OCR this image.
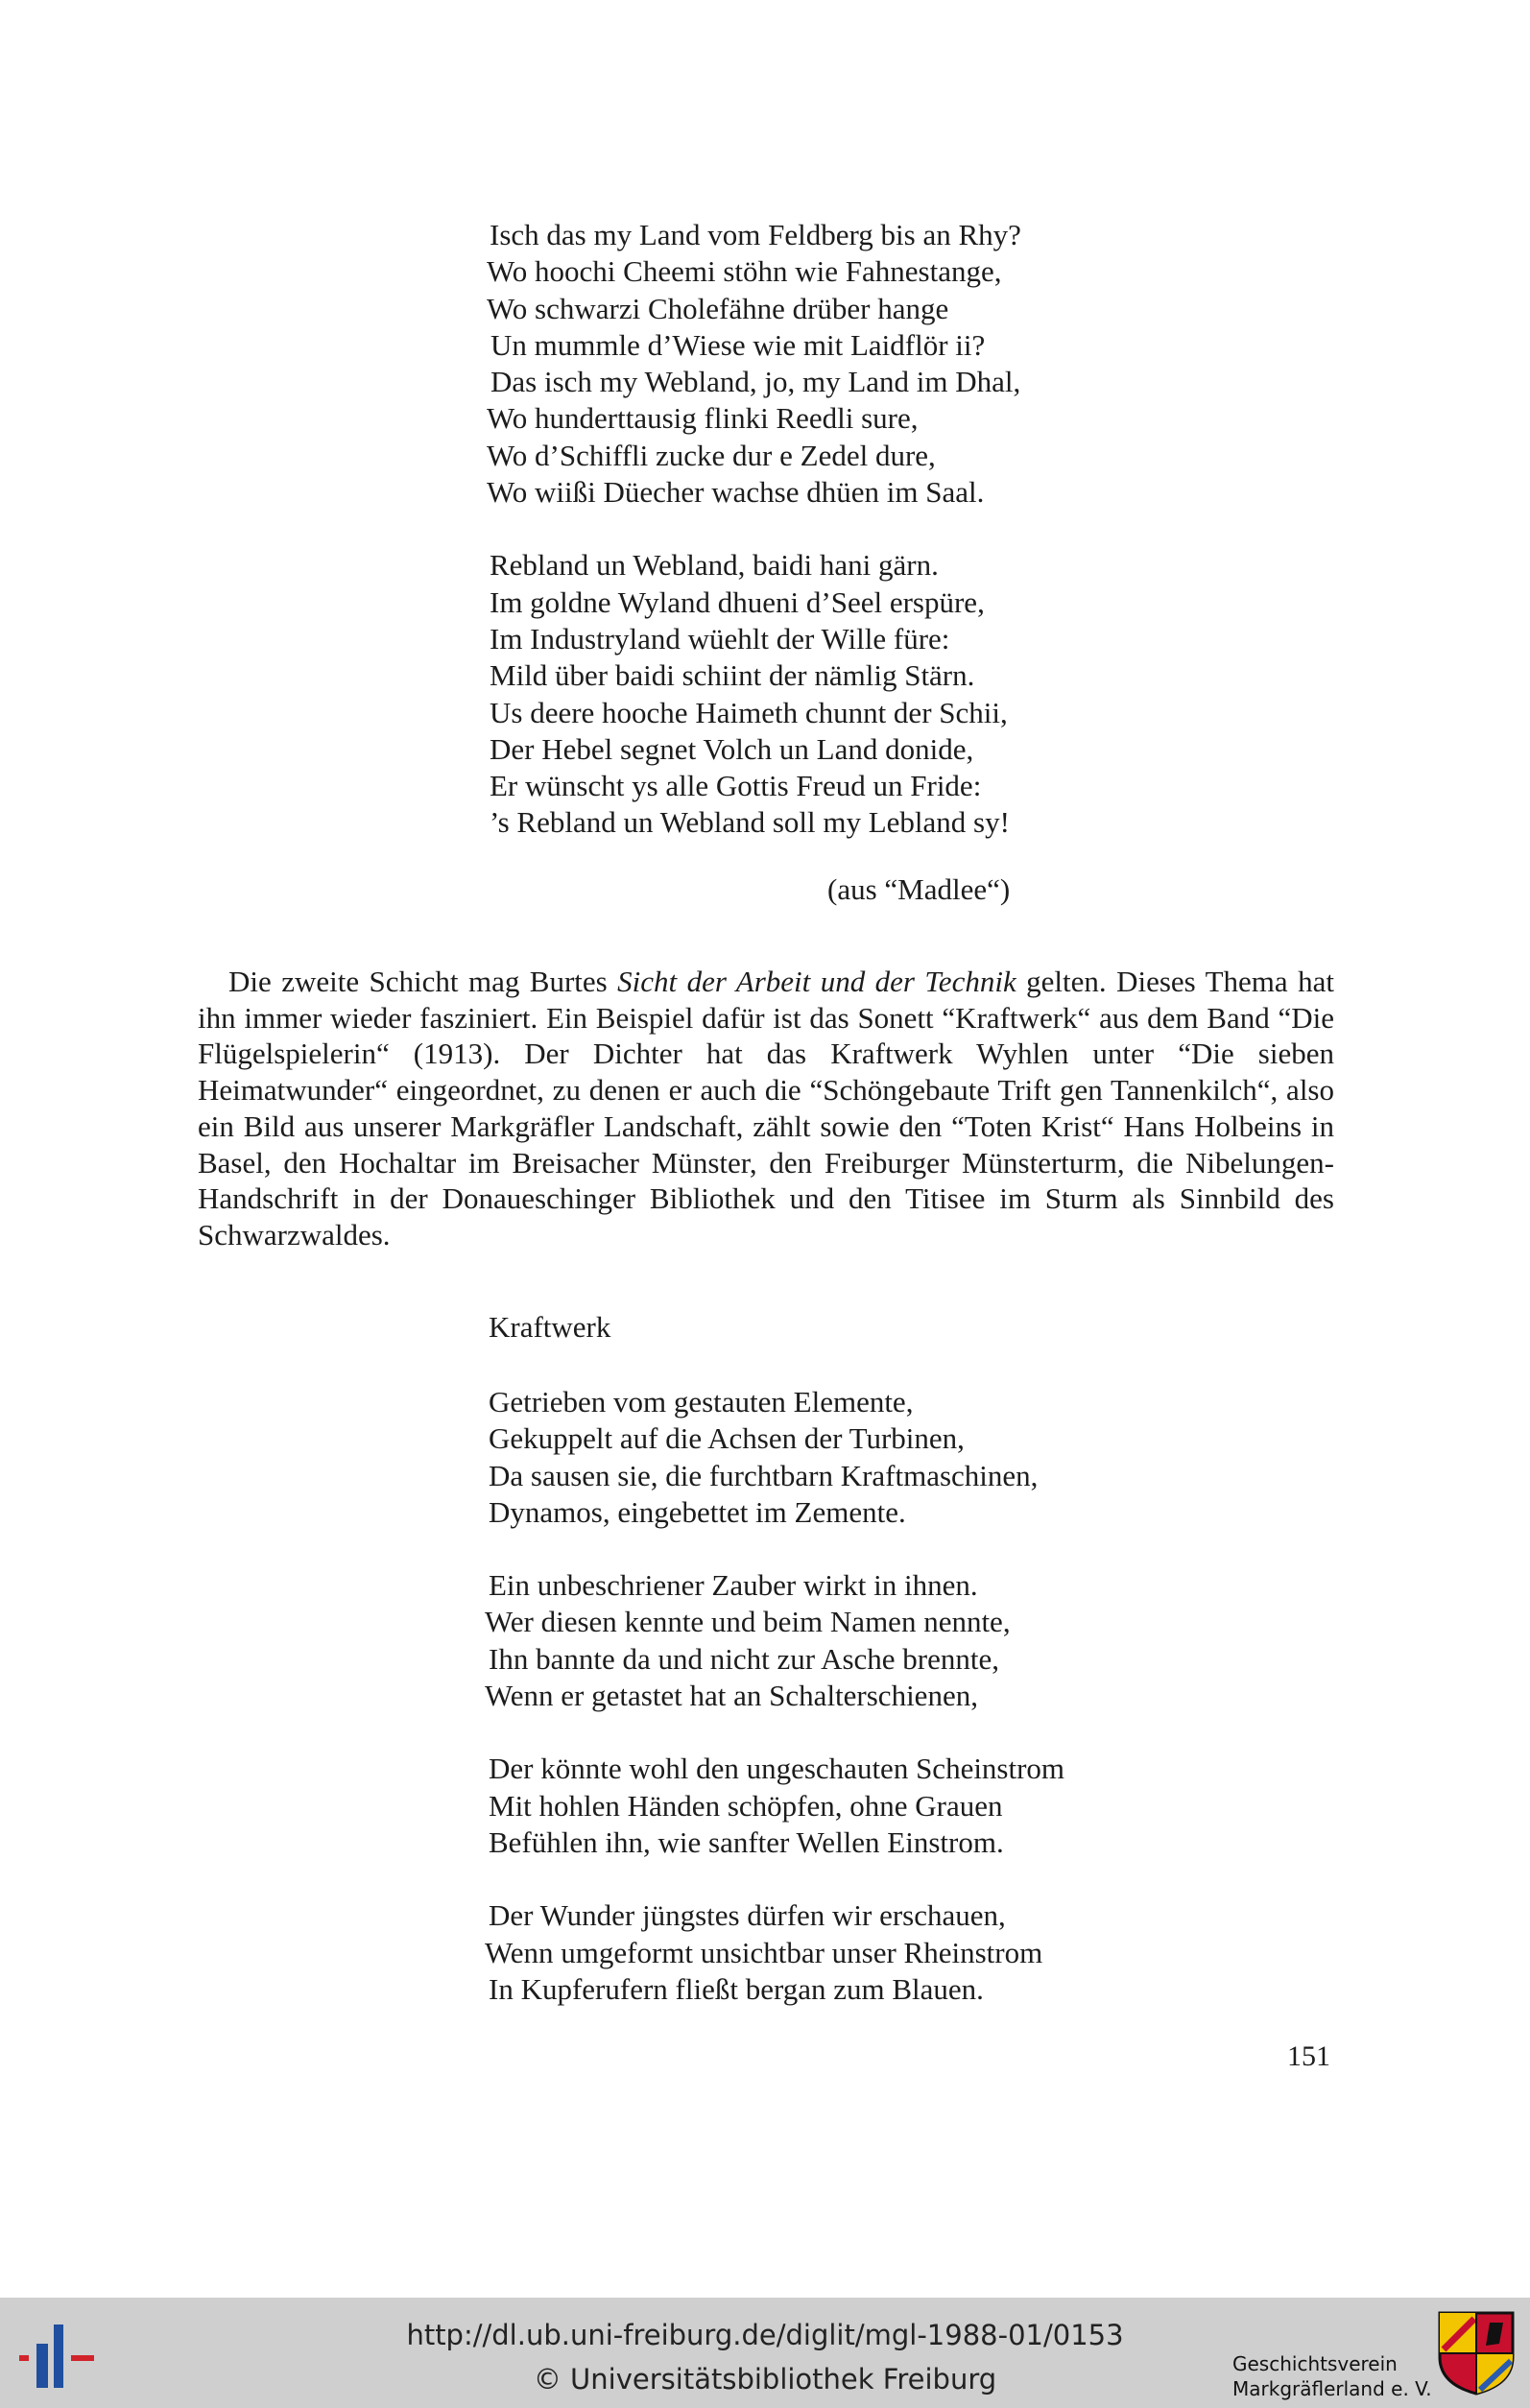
Isch das my Land vom Feldberg bis an Rhy?
Wo hoochi Cheemi stöhn wie Fahnestange,
Wo schwarzi Cholefähne drüber hange
Un mummle d’Wiese wie mit Laidflör ii?
Das isch my Webland, jo, my Land im Dhal,
Wo hunderttausig flinki Reedli sure,
Wo d’Schiffli zucke dur e Zedel dure,
Wo wiißi Düecher wachse dhüen im Saal.
Rebland un Webland, baidi hani gärn.
Im goldne Wyland dhueni d’Seel erspüre,
Im Industryland wüehlt der Wille füre:
Mild über baidi schiint der nämlig Stärn.
Us deere hooche Haimeth chunnt der Schii,
Der Hebel segnet Volch un Land donide,
Er wünscht ys alle Gottis Freud un Fride:
’s Rebland un Webland soll my Lebland sy!
(aus “Madlee“)

Die zweite Schicht mag Burtes Sicht der Arbeit und der Technik gelten. Dieses Thema hat ihn immer wieder fasziniert. Ein Beispiel dafür ist das Sonett “Kraftwerk“ aus dem Band “Die Flügelspielerin“ (1913). Der Dichter hat das Kraftwerk Wyhlen unter “Die sieben Heimatwunder“ eingeordnet, zu denen er auch die “Schöngebaute Trift gen Tannenkilch“, also ein Bild aus unserer Markgräfler Landschaft, zählt sowie den “Toten Krist“ Hans Holbeins in Basel, den Hochaltar im Breisacher Münster, den Freiburger Münsterturm, die Nibelungen-Handschrift in der Donaueschinger Bibliothek und den Titisee im Sturm als Sinnbild des Schwarzwaldes.

Kraftwerk
Getrieben vom gestauten Elemente,
Gekuppelt auf die Achsen der Turbinen,
Da sausen sie, die furchtbarn Kraftmaschinen,
Dynamos, eingebettet im Zemente.
Ein unbeschriener Zauber wirkt in ihnen.
Wer diesen kennte und beim Namen nennte,
Ihn bannte da und nicht zur Asche brennte,
Wenn er getastet hat an Schalterschienen,
Der könnte wohl den ungeschauten Scheinstrom
Mit hohlen Händen schöpfen, ohne Grauen
Befühlen ihn, wie sanfter Wellen Einstrom.
Der Wunder jüngstes dürfen wir erschauen,
Wenn umgeformt unsichtbar unser Rheinstrom
In Kupferufern fließt bergan zum Blauen.
151
http://dl.ub.uni-freiburg.de/diglit/mgl-1988-01/0153
© Universitätsbibliothek Freiburg	Geschichtsverein
Markgräflerland e. V.
